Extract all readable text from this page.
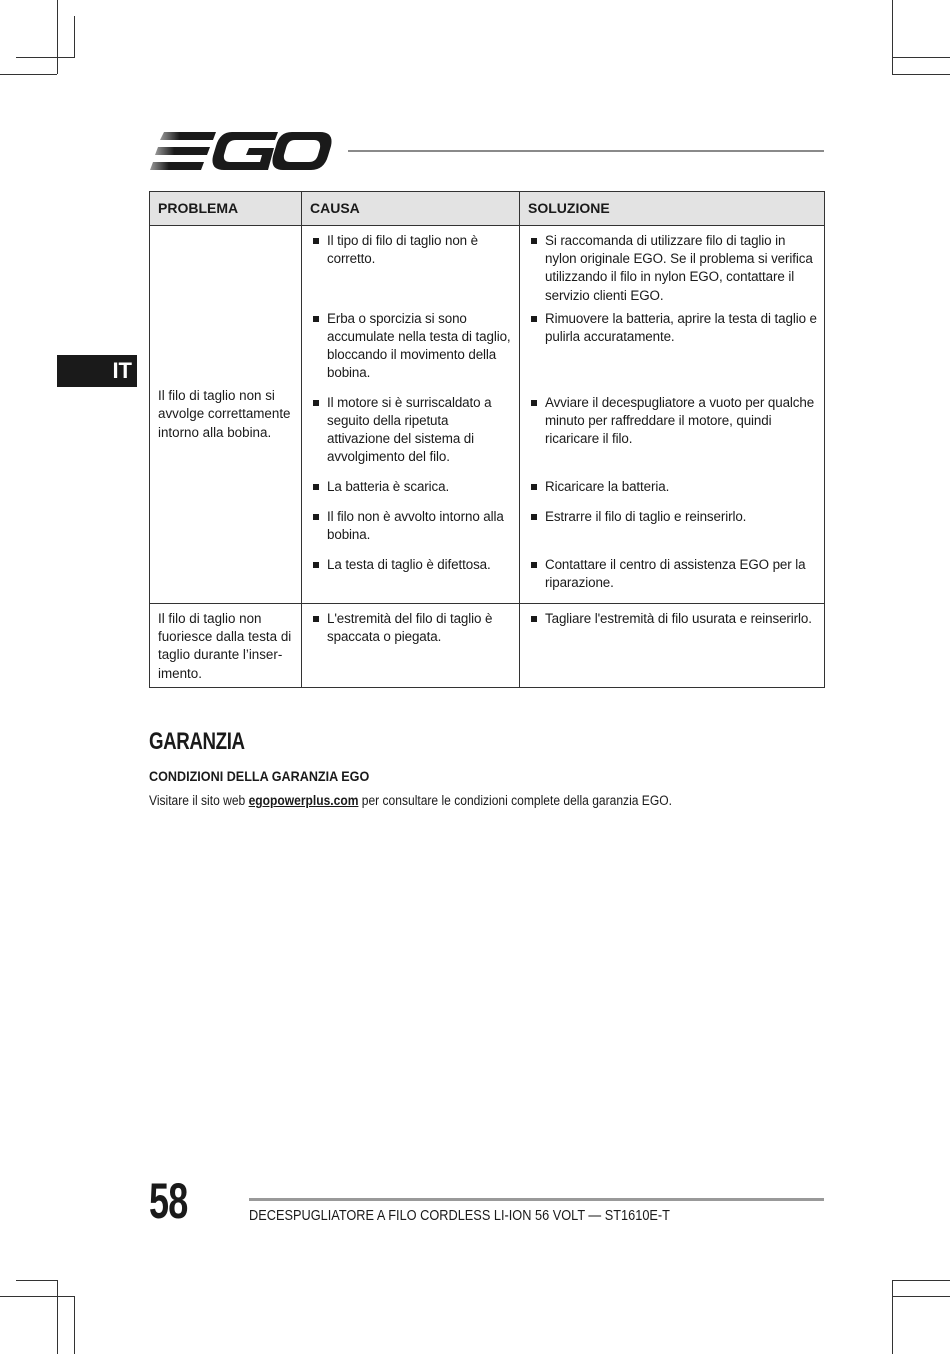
IT
PROBLEMA	CAUSA	SOLUZIONE
Il filo di taglio non si avvolge correttamente intorno alla bobina.	Il tipo di filo di taglio non è corretto.	Si raccomanda di utilizzare filo di taglio in nylon originale EGO. Se il problema si verifica utilizzando il filo in nylon EGO, contattare il servizio clienti EGO.

	Erba o sporcizia si sono accumulate nella testa di taglio, bloccando il movimento della bobina.	Rimuovere la batteria, aprire la testa di taglio e pulirla accuratamente.

	Il motore si è surriscaldato a seguito della ripetuta attivazione del sistema di avvolgimento del filo.	Avviare il decespugliatore a vuoto per qualche minuto per raffreddare il motore, quindi ricaricare il filo.

	La batteria è scarica.	Ricaricare la batteria.

	Il filo non è avvolto intorno alla bobina.	Estrarre il filo di taglio e reinserirlo.

	La testa di taglio è difettosa.	Contattare il centro di assistenza EGO per la riparazione.

Il filo di taglio non fuoriesce dalla testa di taglio durante l’inser-imento.	L'estremità del filo di taglio è spaccata o piegata.	Tagliare l'estremità di filo usurata e reinserirlo.
GARANZIA
CONDIZIONI DELLA GARANZIA EGO

Visitare il sito web egopowerplus.com per consultare le condizioni complete della garanzia EGO.

58	DECESPUGLIATORE A FILO CORDLESS LI-ION 56 VOLT — ST1610E-T
